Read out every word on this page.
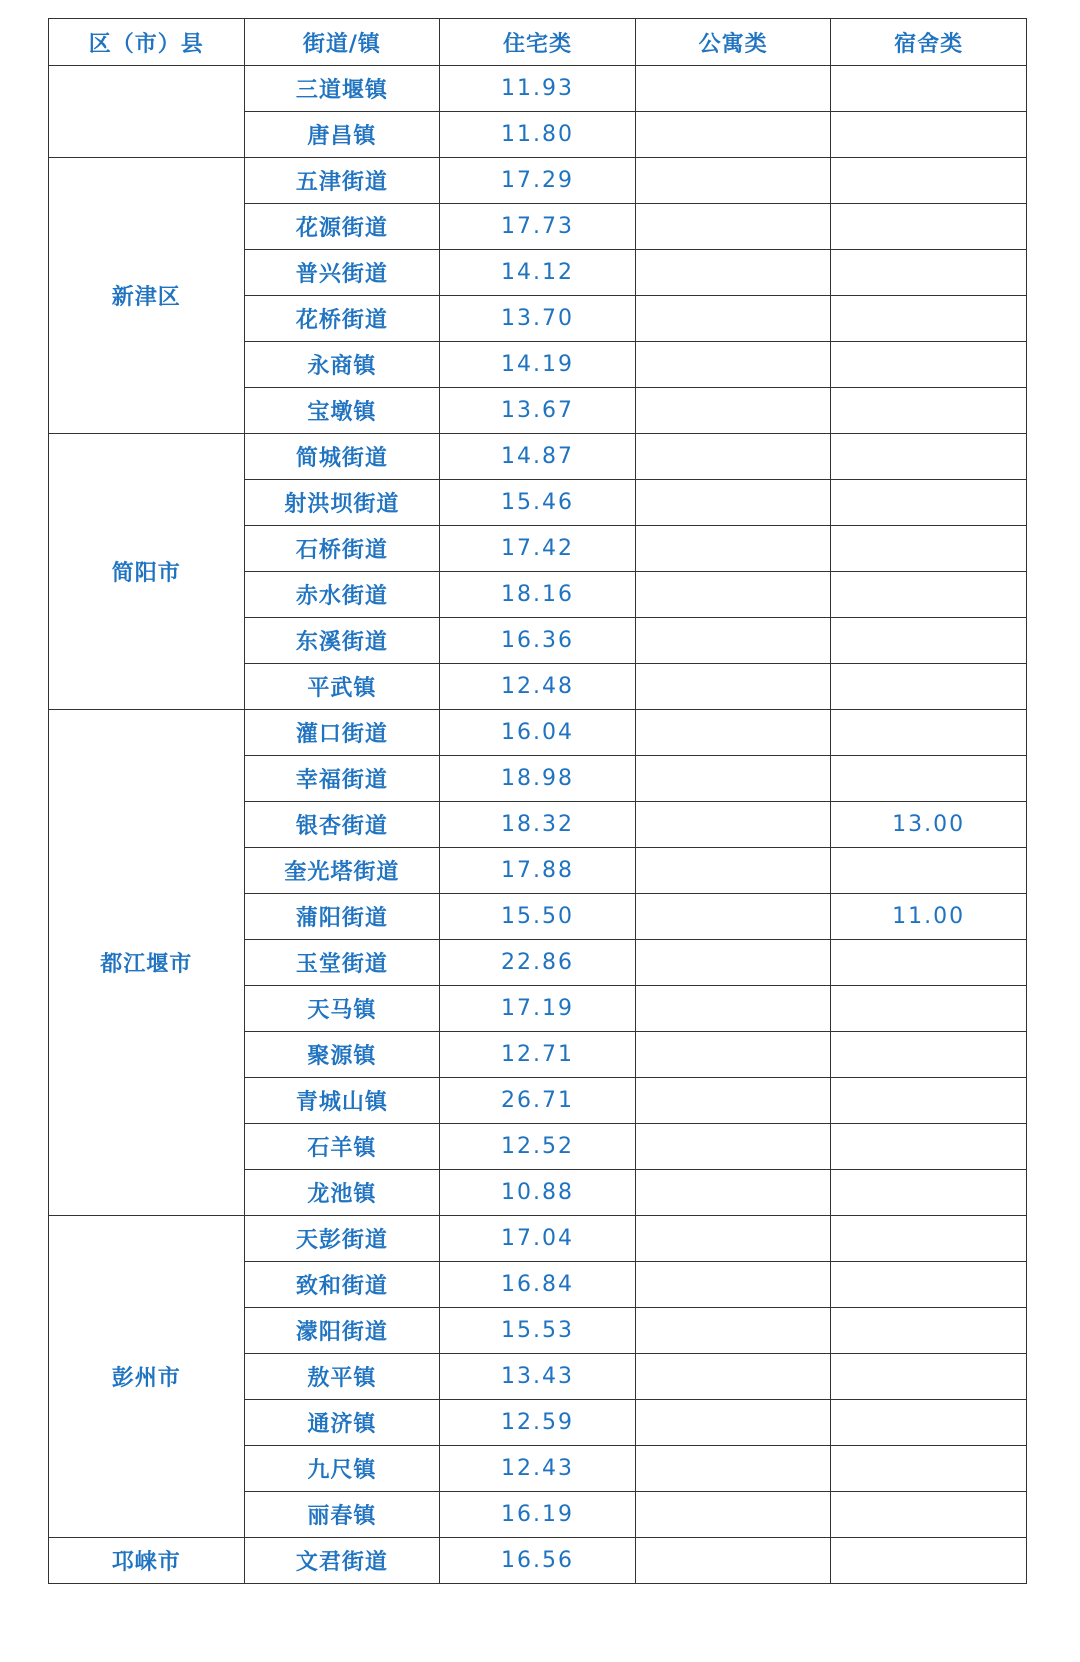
区（市）县	街道/镇	住宅类	公寓类	宿舍类
	三道堰镇	11.93		
	唐昌镇	11.80		
新津区	五津街道	17.29		
	花源街道	17.73		
	普兴街道	14.12		
	花桥街道	13.70		
	永商镇	14.19		
	宝墩镇	13.67		
简阳市	简城街道	14.87		
	射洪坝街道	15.46		
	石桥街道	17.42		
	赤水街道	18.16		
	东溪街道	16.36		
	平武镇	12.48		
都江堰市	灌口街道	16.04		
	幸福街道	18.98		
	银杏街道	18.32		13.00
	奎光塔街道	17.88		
	蒲阳街道	15.50		11.00
	玉堂街道	22.86		
	天马镇	17.19		
	聚源镇	12.71		
	青城山镇	26.71		
	石羊镇	12.52		
	龙池镇	10.88		
彭州市	天彭街道	17.04		
	致和街道	16.84		
	濛阳街道	15.53		
	敖平镇	13.43		
	通济镇	12.59		
	九尺镇	12.43		
	丽春镇	16.19		
邛崃市	文君街道	16.56		
